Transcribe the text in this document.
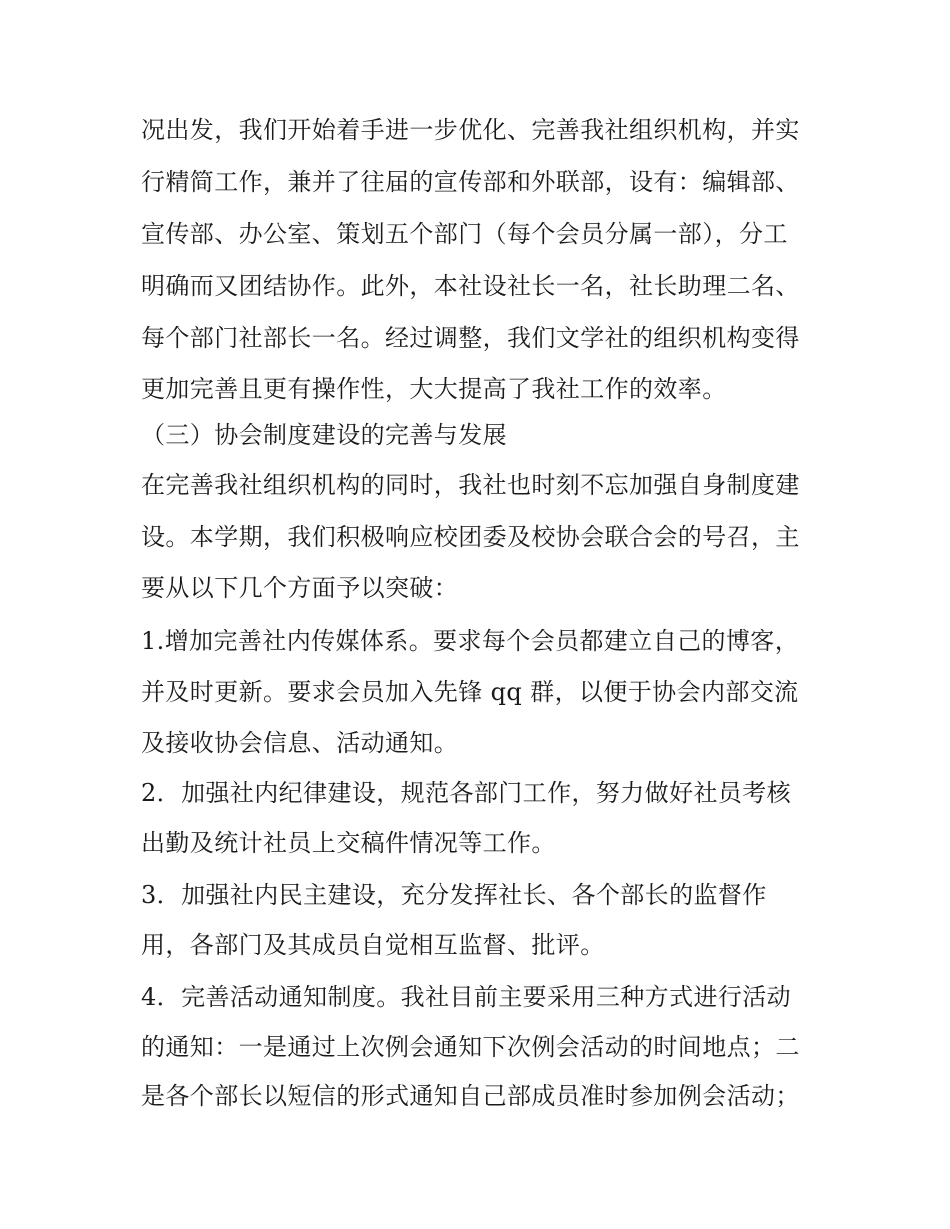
况出发，我们开始着手进一步优化、完善我社组织机构，并实
行精简工作，兼并了往届的宣传部和外联部，设有：编辑部、
宣传部、办公室、策划五个部门（每个会员分属一部），分工
明确而又团结协作。此外，本社设社长一名，社长助理二名、
每个部门社部长一名。经过调整，我们文学社的组织机构变得
更加完善且更有操作性，大大提高了我社工作的效率。
（三）协会制度建设的完善与发展
在完善我社组织机构的同时，我社也时刻不忘加强自身制度建
设。本学期，我们积极响应校团委及校协会联合会的号召，主
要从以下几个方面予以突破：
1.增加完善社内传媒体系。要求每个会员都建立自己的博客，
并及时更新。要求会员加入先锋 qq 群，以便于协会内部交流
及接收协会信息、活动通知。
2．加强社内纪律建设，规范各部门工作，努力做好社员考核
出勤及统计社员上交稿件情况等工作。
3．加强社内民主建设，充分发挥社长、各个部长的监督作
用，各部门及其成员自觉相互监督、批评。
4．完善活动通知制度。我社目前主要采用三种方式进行活动
的通知：一是通过上次例会通知下次例会活动的时间地点；二
是各个部长以短信的形式通知自己部成员准时参加例会活动；
